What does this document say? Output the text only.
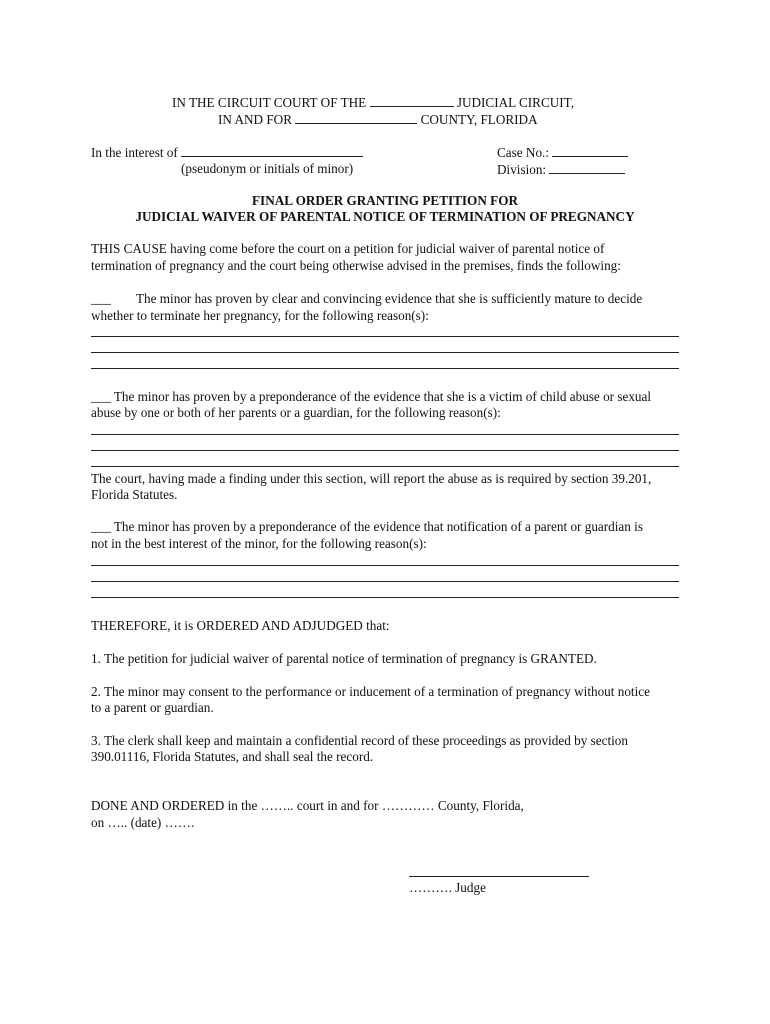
IN THE CIRCUIT COURT OF THE	JUDICIAL CIRCUIT,
IN AND FOR	COUNTY, FLORIDA
In the interest of
(pseudonym or initials of minor)
Case No.:
Division:
FINAL ORDER GRANTING PETITION FOR
JUDICIAL WAIVER OF PARENTAL NOTICE OF TERMINATION OF PREGNANCY
THIS CAUSE having come before the court on a petition for judicial waiver of parental notice of
termination of pregnancy and the court being otherwise advised in the premises, finds the following:
___ The minor has proven by clear and convincing evidence that she is sufficiently mature to decide
whether to terminate her pregnancy, for the following reason(s):
___ The minor has proven by a preponderance of the evidence that she is a victim of child abuse or sexual
abuse by one or both of her parents or a guardian, for the following reason(s):
The court, having made a finding under this section, will report the abuse as is required by section 39.201,
Florida Statutes.
___ The minor has proven by a preponderance of the evidence that notification of a parent or guardian is
not in the best interest of the minor, for the following reason(s):
THEREFORE, it is ORDERED AND ADJUDGED that:
1. The petition for judicial waiver of parental notice of termination of pregnancy is GRANTED.
2. The minor may consent to the performance or inducement of a termination of pregnancy without notice
to a parent or guardian.
3. The clerk shall keep and maintain a confidential record of these proceedings as provided by section
390.01116, Florida Statutes, and shall seal the record.
DONE AND ORDERED in the …….. court in and for ………… County, Florida,
on ….. (date) …….
………. Judge
